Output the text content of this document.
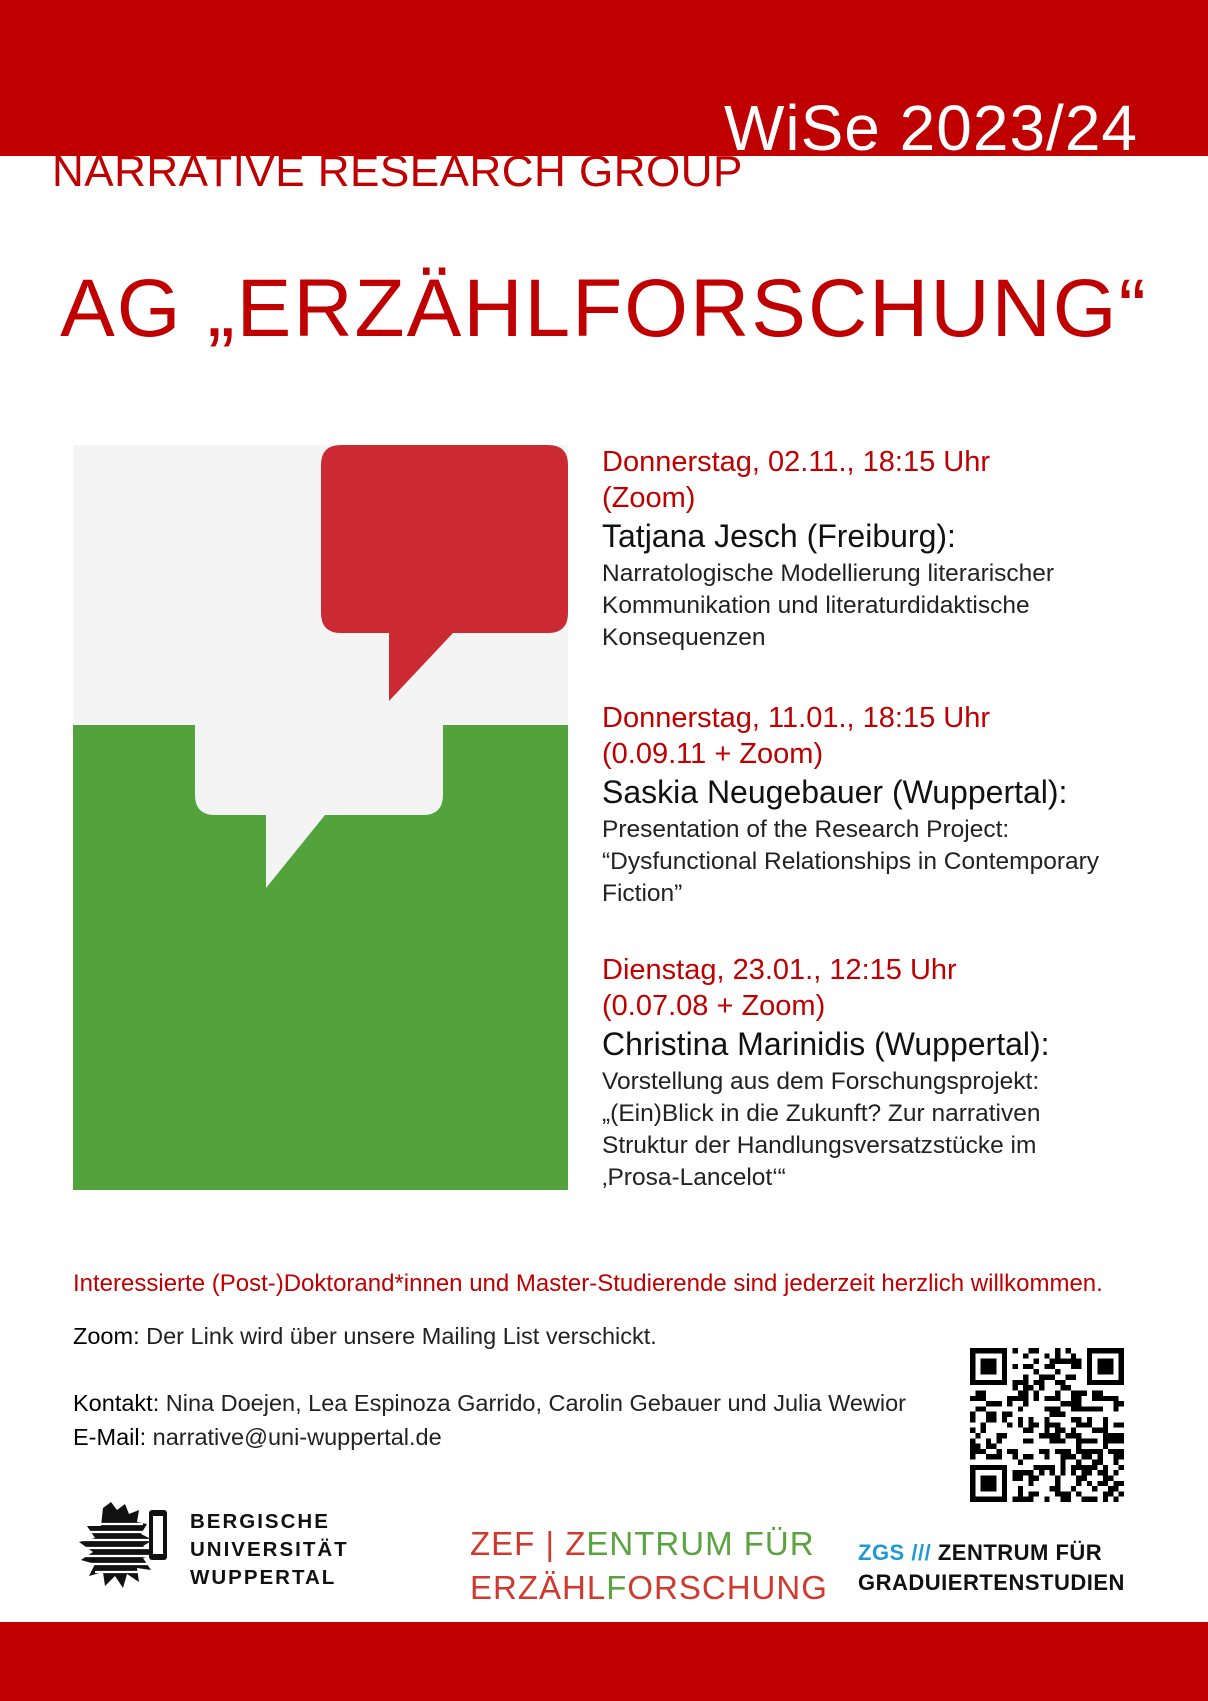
WiSe 2023/24
NARRATIVE RESEARCH GROUP
AG „ERZÄHLFORSCHUNG“
Donnerstag, 02.11., 18:15 Uhr
(Zoom)
Tatjana Jesch (Freiburg):
Narratologische Modellierung literarischer
Kommunikation und literaturdidaktische
Konsequenzen
Donnerstag, 11.01., 18:15 Uhr
(0.09.11 + Zoom)
Saskia Neugebauer (Wuppertal):
Presentation of the Research Project:
“Dysfunctional Relationships in Contemporary
Fiction”
Dienstag, 23.01., 12:15 Uhr
(0.07.08 + Zoom)
Christina Marinidis (Wuppertal):
Vorstellung aus dem Forschungsprojekt:
„(Ein)Blick in die Zukunft? Zur narrativen
Struktur der Handlungsversatzstücke im
‚Prosa-Lancelot‘“
Interessierte (Post-)Doktorand*innen und Master-Studierende sind jederzeit herzlich willkommen.
Zoom: Der Link wird über unsere Mailing List verschickt.
Kontakt: Nina Doejen, Lea Espinoza Garrido, Carolin Gebauer und Julia Wewior
E-Mail: narrative@uni-wuppertal.de
BERGISCHE
UNIVERSITÄT
WUPPERTAL
ZEF | ZENTRUM FÜR
ERZÄHLFORSCHUNG
ZGS /// ZENTRUM FÜR
GRADUIERTENSTUDIEN
